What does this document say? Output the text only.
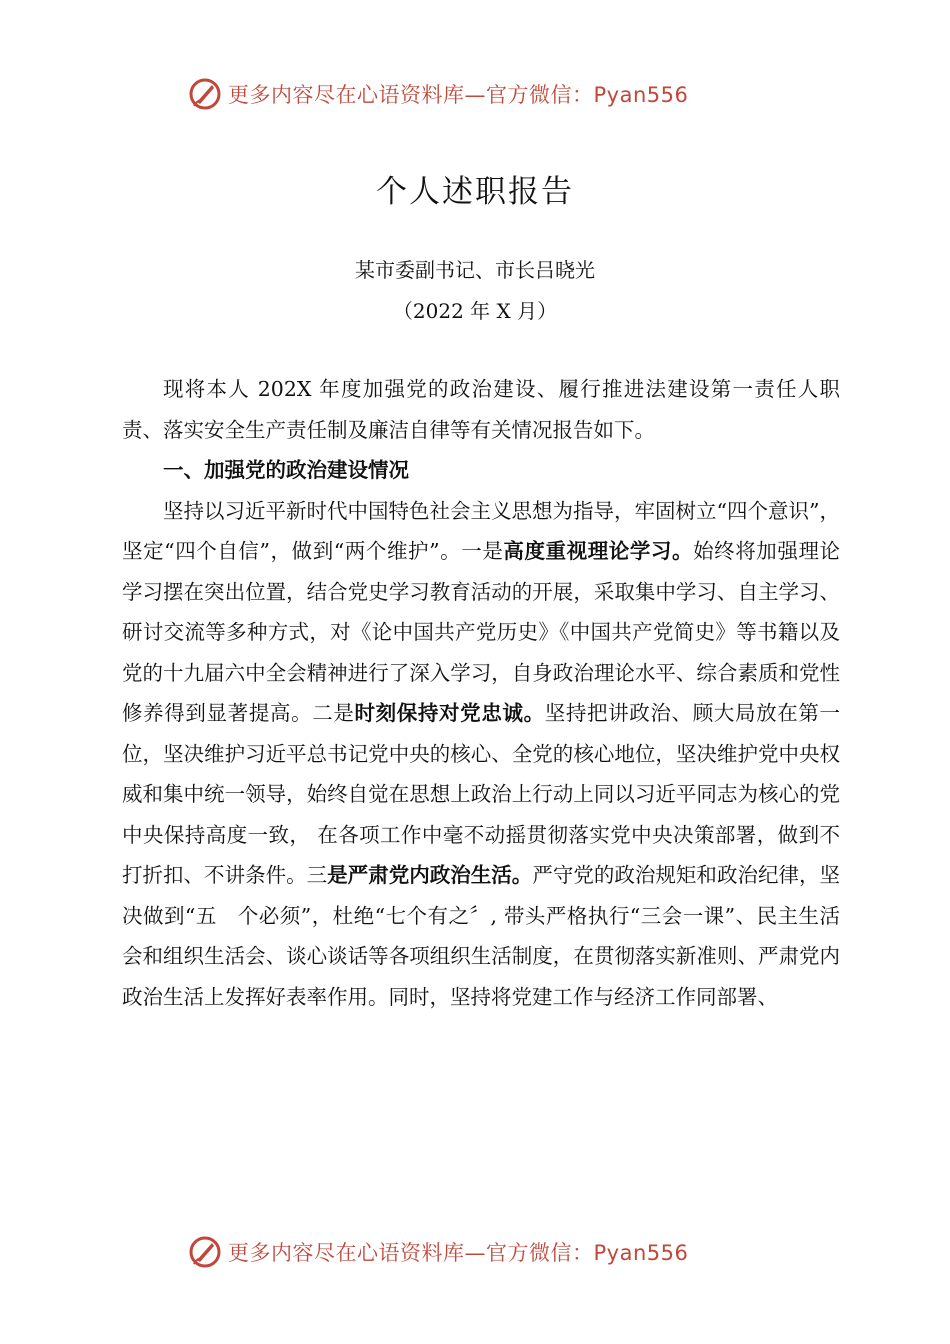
更多内容尽在心语资料库—官方微信：Pyan556
个人述职报告
某市委副书记、市长吕晓光
（2022 年 X 月）

现将本人 202X 年度加强党的政治建设、履行推进法建设第一责任人职责、落实安全生产责任制及廉洁自律等有关情况报告如下。

一、加强党的政治建设情况

坚持以习近平新时代中国特色社会主义思想为指导，牢固树立“四个意识”，坚定“四个自信”，做到“两个维护”。一是高度重视理论学习。始终将加强理论学习摆在突出位置，结合党史学习教育活动的开展，采取集中学习、自主学习、研讨交流等多种方式，对《论中国共产党历史》《中国共产党简史》等书籍以及党的十九届六中全会精神进行了深入学习，自身政治理论水平、综合素质和党性修养得到显著提高。二是时刻保持对党忠诚。坚持把讲政治、顾大局放在第一位，坚决维护习近平总书记党中央的核心、全党的核心地位，坚决维护党中央权威和集中统一领导，始终自觉在思想上政治上行动上同以习近平同志为核心的党中央保持高度一致， 在各项工作中毫不动摇贯彻落实党中央决策部署，做到不打折扣、不讲条件。三是严肃党内政治生活。严守党的政治规矩和政治纪律，坚决做到“五　个必须”，杜绝“七个有之〞, 带头严格执行“三会一课”、民主生活会和组织生活会、谈心谈话等各项组织生活制度，在贯彻落实新准则、严肃党内政治生活上发挥好表率作用。同时，坚持将党建工作与经济工作同部署、

更多内容尽在心语资料库—官方微信：Pyan556
